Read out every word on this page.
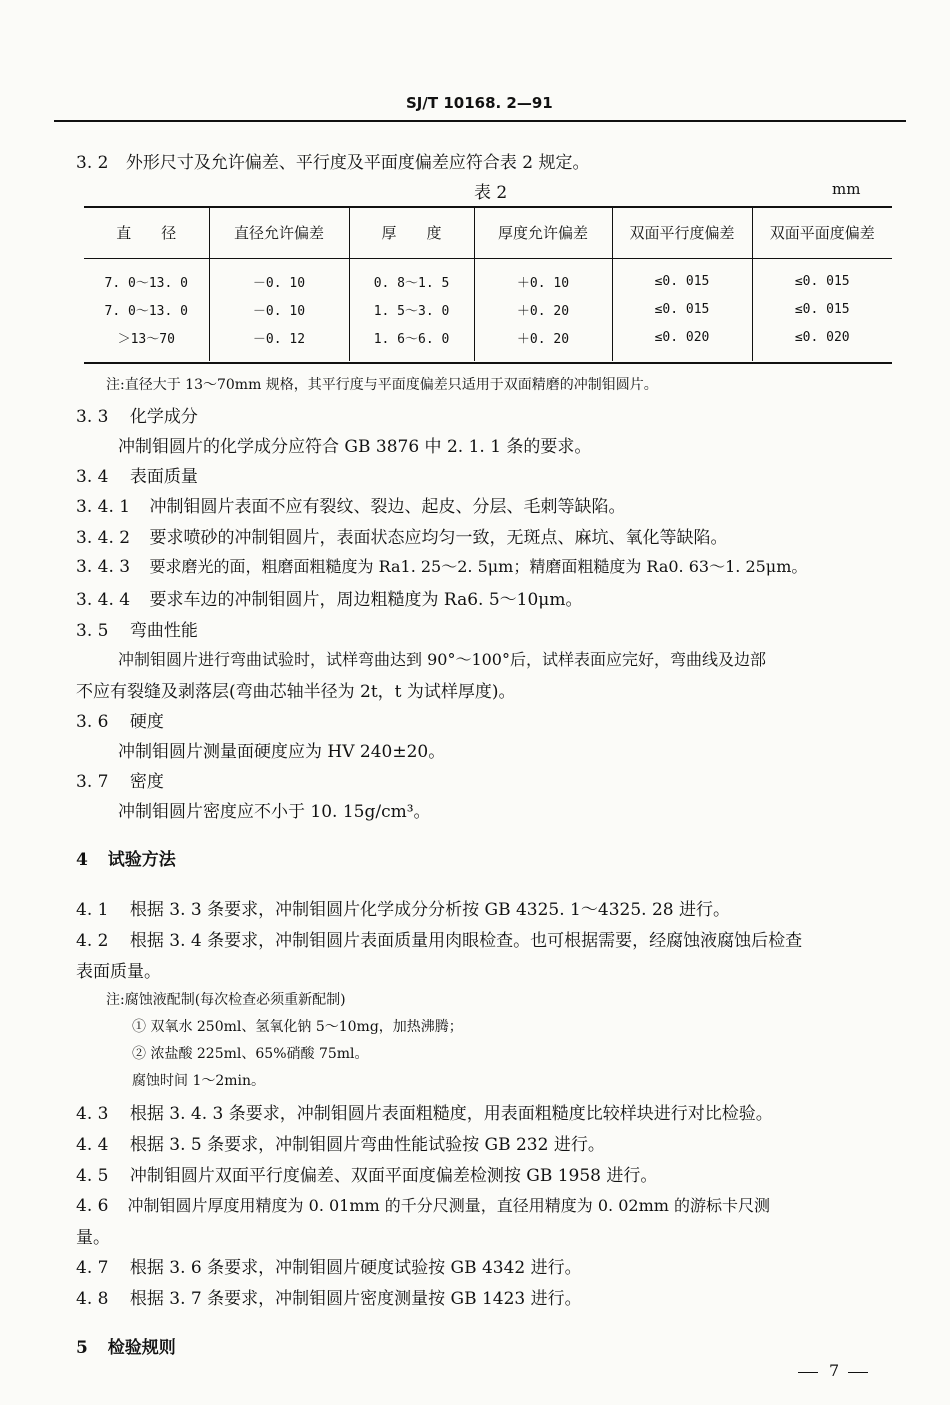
SJ/T 10168. 2—91
3. 2 外形尺寸及允许偏差、平行度及平面度偏差应符合表 2 规定。
表 2	mm
直　　径	直径允许偏差	厚　　度	厚度允许偏差	双面平行度偏差	双面平面度偏差
7. 0～13. 0	－0. 10	0. 8～1. 5	＋0. 10	≤0. 015	≤0. 015
7. 0～13. 0	－0. 10	1. 5～3. 0	＋0. 20	≤0. 015	≤0. 015
＞13～70	－0. 12	1. 6～6. 0	＋0. 20	≤0. 020	≤0. 020
注:直径大于 13～70mm 规格，其平行度与平面度偏差只适用于双面精磨的冲制钼圆片。
3. 3 化学成分
冲制钼圆片的化学成分应符合 GB 3876 中 2. 1. 1 条的要求。
3. 4 表面质量
3. 4. 1 冲制钼圆片表面不应有裂纹、裂边、起皮、分层、毛刺等缺陷。
3. 4. 2 要求喷砂的冲制钼圆片，表面状态应均匀一致，无斑点、麻坑、氧化等缺陷。
3. 4. 3 要求磨光的面，粗磨面粗糙度为 Ra1. 25～2. 5μm；精磨面粗糙度为 Ra0. 63～1. 25μm。
3. 4. 4 要求车边的冲制钼圆片，周边粗糙度为 Ra6. 5～10μm。
3. 5 弯曲性能
冲制钼圆片进行弯曲试验时，试样弯曲达到 90°～100°后，试样表面应完好，弯曲线及边部
不应有裂缝及剥落层(弯曲芯轴半径为 2t，t 为试样厚度)。
3. 6 硬度
冲制钼圆片测量面硬度应为 HV 240±20。
3. 7 密度
冲制钼圆片密度应不小于 10. 15g/cm³。
4 试验方法
4. 1 根据 3. 3 条要求，冲制钼圆片化学成分分析按 GB 4325. 1～4325. 28 进行。
4. 2 根据 3. 4 条要求，冲制钼圆片表面质量用肉眼检查。也可根据需要，经腐蚀液腐蚀后检查
表面质量。
注:腐蚀液配制(每次检查必须重新配制)
① 双氧水 250ml、氢氧化钠 5～10mg，加热沸腾；
② 浓盐酸 225ml、65%硝酸 75ml。
腐蚀时间 1～2min。
4. 3 根据 3. 4. 3 条要求，冲制钼圆片表面粗糙度，用表面粗糙度比较样块进行对比检验。
4. 4 根据 3. 5 条要求，冲制钼圆片弯曲性能试验按 GB 232 进行。
4. 5 冲制钼圆片双面平行度偏差、双面平面度偏差检测按 GB 1958 进行。
4. 6 冲制钼圆片厚度用精度为 0. 01mm 的千分尺测量，直径用精度为 0. 02mm 的游标卡尺测
量。
4. 7 根据 3. 6 条要求，冲制钼圆片硬度试验按 GB 4342 进行。
4. 8 根据 3. 7 条要求，冲制钼圆片密度测量按 GB 1423 进行。
5 检验规则
7
